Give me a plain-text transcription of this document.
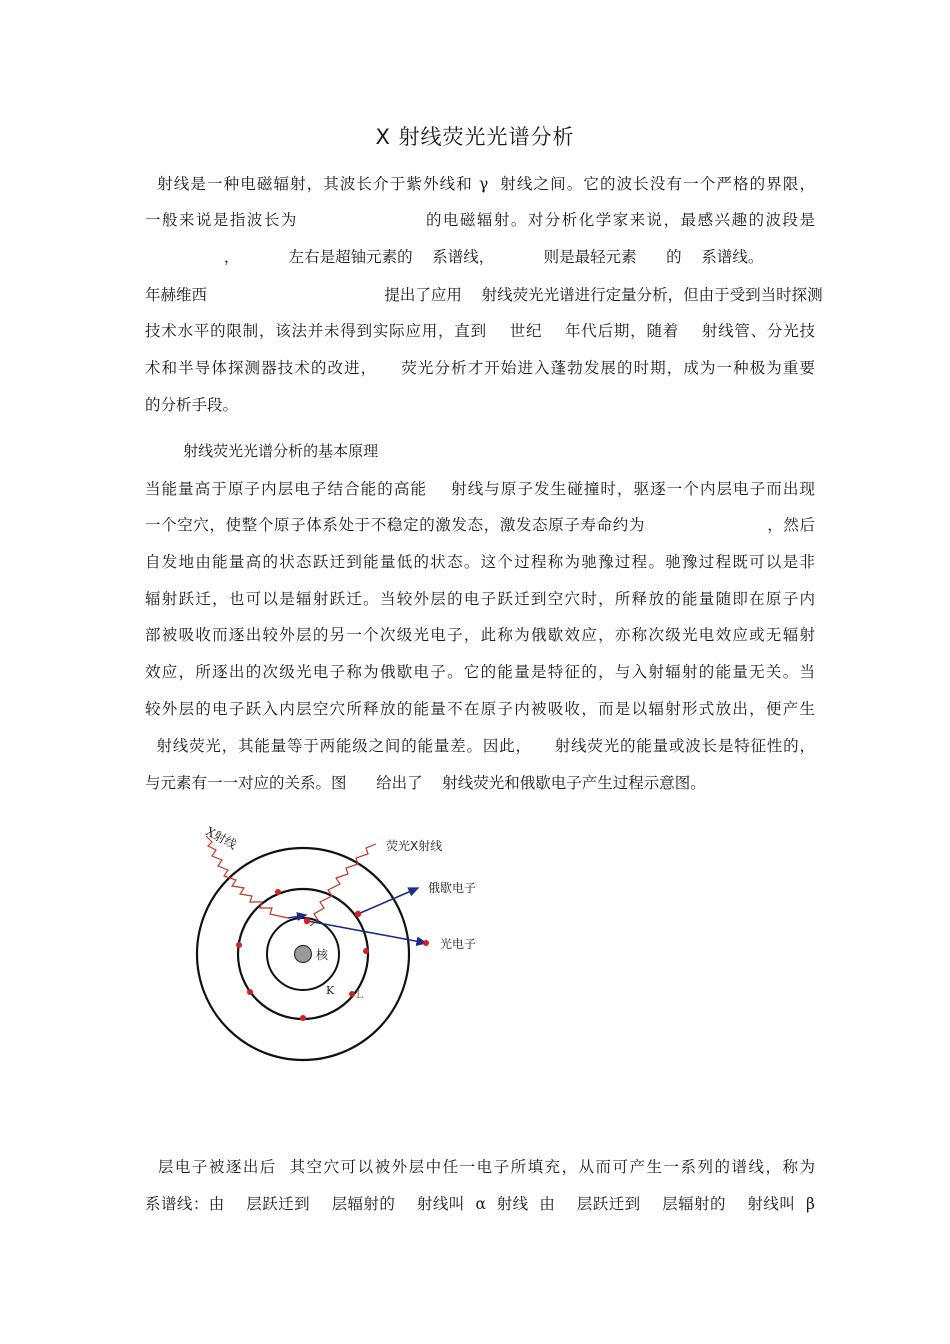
X 射线荧光光谱分析
射线是一种电磁辐射，其波长介于紫外线和 γ  射线之间。它的波长没有一个严格的界限，
一般来说是指波长为                    的电磁辐射。对分析化学家来说，最感兴趣的波段是
，          左右是超铀元素的    系谱线，          则是最轻元素      的    系谱线。
年赫维西                                    提出了应用    射线荧光光谱进行定量分析，但由于受到当时探测
技术水平的限制，该法并未得到实际应用，直到    世纪    年代后期，随着    射线管、分光技
术和半导体探测器技术的改进，    荧光分析才开始进入蓬勃发展的时期，成为一种极为重要
的分析手段。
射线荧光光谱分析的基本原理
当能量高于原子内层电子结合能的高能    射线与原子发生碰撞时，驱逐一个内层电子而出现
一个空穴，使整个原子体系处于不稳定的激发态，激发态原子寿命约为                      ，然后
自发地由能量高的状态跃迁到能量低的状态。这个过程称为驰豫过程。驰豫过程既可以是非
辐射跃迁，也可以是辐射跃迁。当较外层的电子跃迁到空穴时，所释放的能量随即在原子内
部被吸收而逐出较外层的另一个次级光电子，此称为俄歇效应，亦称次级光电效应或无辐射
效应，所逐出的次级光电子称为俄歇电子。它的能量是特征的，与入射辐射的能量无关。当
较外层的电子跃入内层空穴所释放的能量不在原子内被吸收，而是以辐射形式放出，便产生
射线荧光，其能量等于两能级之间的能量差。因此，    射线荧光的能量或波长是特征性的，
与元素有一一对应的关系。图      给出了    射线荧光和俄歇电子产生过程示意图。
核
K L
X射线	荧光X射线
俄歇电子
光电子
层电子被逐出后  其空穴可以被外层中任一电子所填充，从而可产生一系列的谱线，称为
系谱线：由    层跃迁到    层辐射的    射线叫  α  射线  由    层跃迁到    层辐射的    射线叫  β
